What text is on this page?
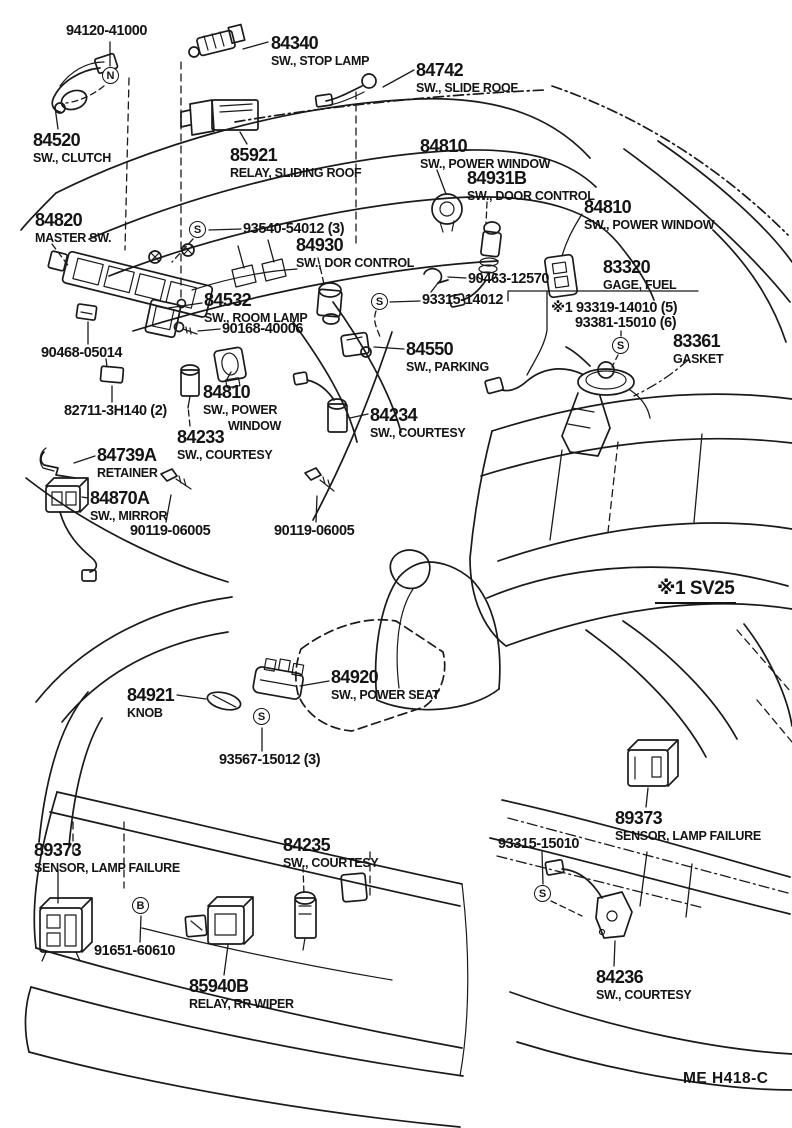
N
S
S
S
S
S
B
94120-41000
84340
SW., STOP LAMP	84742
SW., SLIDE ROOF
84520
SW., CLUTCH	85921
RELAY, SLIDING ROOF
84810
SW., POWER WINDOW
84931B
SW., DOOR CONTROL
84810
SW., POWER WINDOW
84820
MASTER SW.
93540-54012 (3)
84930
SW., DOR CONTROL	83320
GAGE, FUEL
90463-12570
84532
SW., ROOM LAMP
93315-14012	※1 93319-14010 (5)
93381-15010 (6)
83361
GASKET
90168-40006
84550
SW., PARKING
90468-05014
84810
SW., POWER
WINDOW
82711-3H140 (2)	84234
SW., COURTESY
84233
SW., COURTESY
84739A
RETAINER
84870A
SW., MIRROR
90119-06005	90119-06005
※1 SV25
84921
KNOB
84920
SW., POWER SEAT
93567-15012 (3)
89373
SENSOR, LAMP FAILURE
84235
SW., COURTESY
91651-60610
85940B
RELAY, RR WIPER
89373
SENSOR, LAMP FAILURE
93315-15010
84236
SW., COURTESY
ME H418-C
